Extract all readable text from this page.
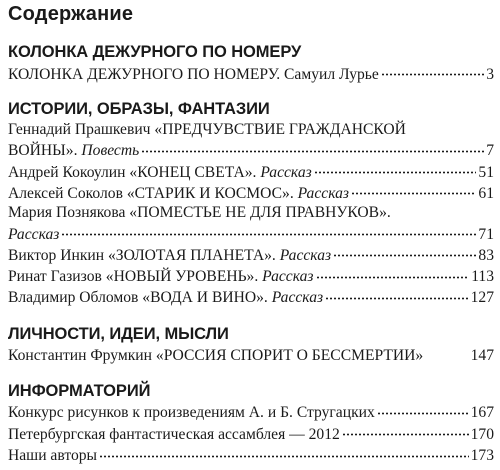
Содержание
КОЛОНКА ДЕЖУРНОГО ПО НОМЕРУ
КОЛОНКА ДЕЖУРНОГО ПО НОМЕРУ. Самуил Лурье	3
ИСТОРИИ, ОБРАЗЫ, ФАНТАЗИИ
Геннадий Прашкевич «ПРЕДЧУВСТВИЕ ГРАЖДАНСКОЙ
ВОЙНЫ». Повесть	7
Андрей Кокоулин «КОНЕЦ СВЕТА». Рассказ	51
Алексей Соколов «СТАРИК И КОСМОС». Рассказ	61
Мария Познякова «ПОМЕСТЬЕ НЕ ДЛЯ ПРАВНУКОВ».
Рассказ	71
Виктор Инкин «ЗОЛОТАЯ ПЛАНЕТА». Рассказ	83
Ринат Газизов «НОВЫЙ УРОВЕНЬ». Рассказ	113
Владимир Обломов «ВОДА И ВИНО». Рассказ	127
ЛИЧНОСТИ, ИДЕИ, МЫСЛИ
Константин Фрумкин «РОССИЯ СПОРИТ О БЕССМЕРТИИ»	147
ИНФОРМАТОРИЙ
Конкурс рисунков к произведениям А. и Б. Стругацких	167
Петербургская фантастическая ассамблея — 2012	170
Наши авторы	173
